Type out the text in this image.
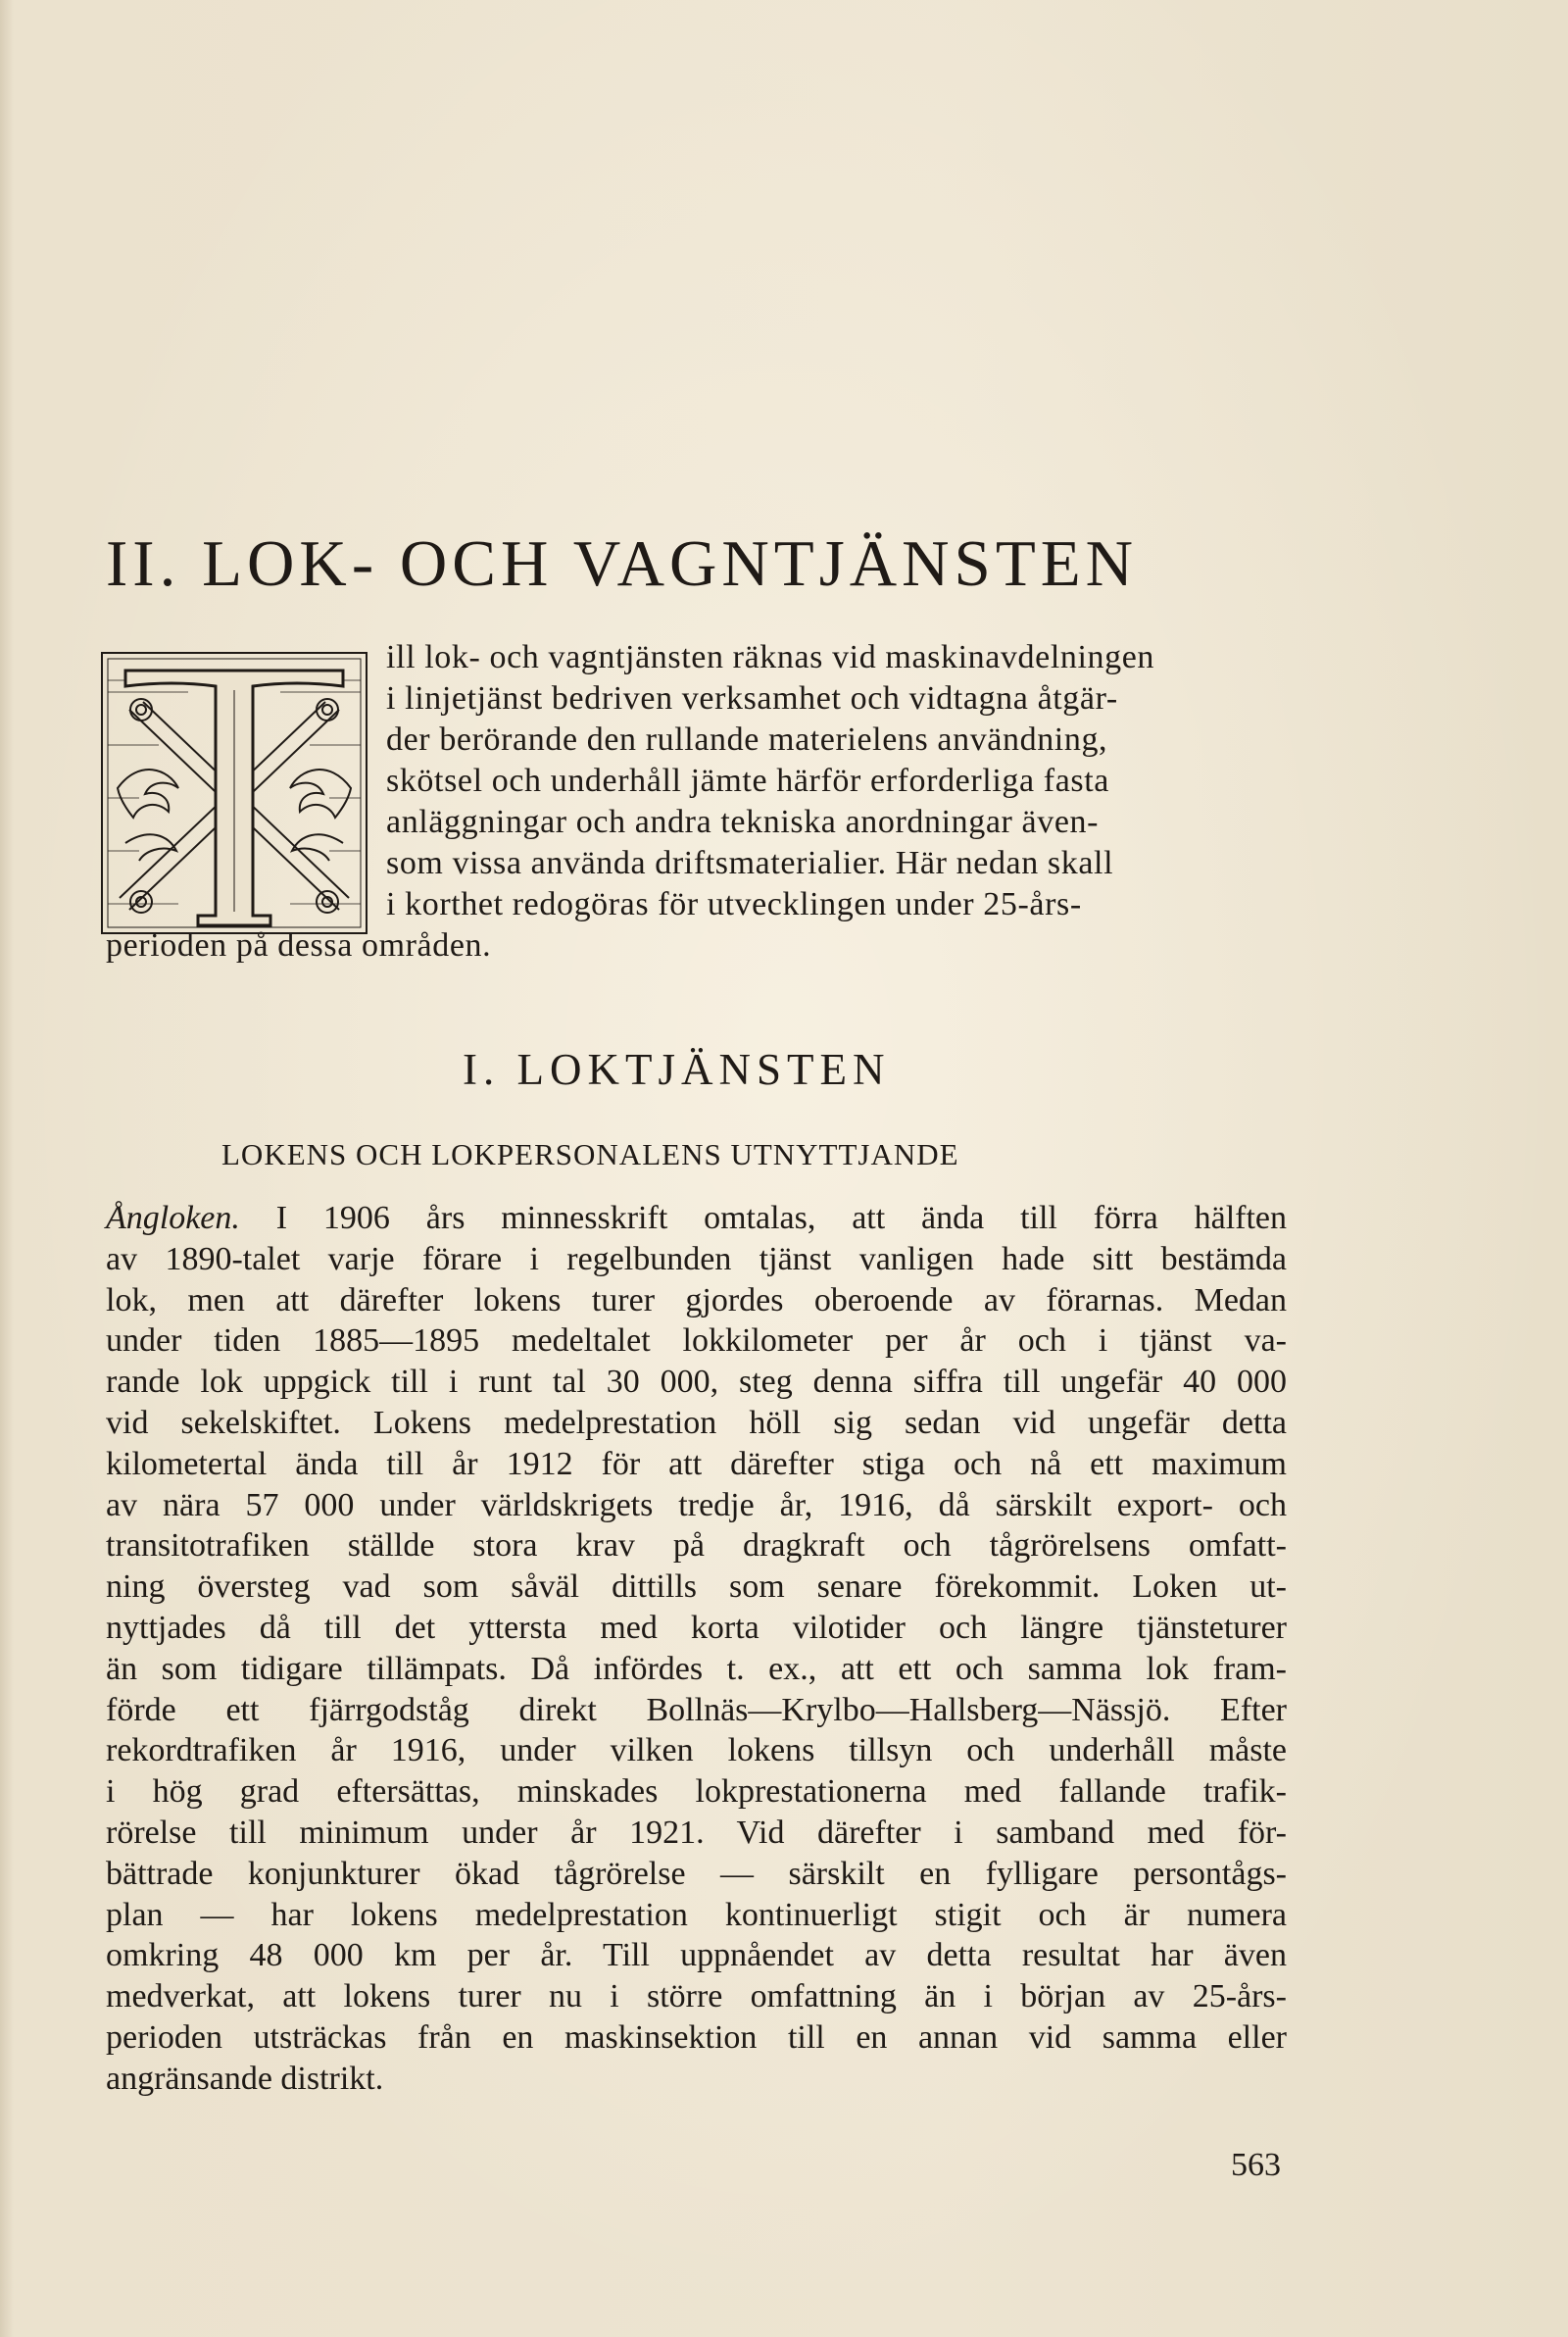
II. LOK- OCH VAGNTJÄNSTEN
ill lok- och vagntjänsten räknas vid maskinavdelningen
i linjetjänst bedriven verksamhet och vidtagna åtgär-
der berörande den rullande materielens användning,
skötsel och underhåll jämte härför erforderliga fasta
anläggningar och andra tekniska anordningar även-
som vissa använda driftsmaterialier. Här nedan skall
i korthet redogöras för utvecklingen under 25-års-
perioden på dessa områden.
I. LOKTJÄNSTEN
LOKENS OCH LOKPERSONALENS UTNYTTJANDE
Ångloken. I 1906 års minnesskrift omtalas, att ända till förra hälften
av 1890-talet varje förare i regelbunden tjänst vanligen hade sitt bestämda
lok, men att därefter lokens turer gjordes oberoende av förarnas. Medan
under tiden 1885—1895 medeltalet lokkilometer per år och i tjänst va-
rande lok uppgick till i runt tal 30 000, steg denna siffra till ungefär 40 000
vid sekelskiftet. Lokens medelprestation höll sig sedan vid ungefär detta
kilometertal ända till år 1912 för att därefter stiga och nå ett maximum
av nära 57 000 under världskrigets tredje år, 1916, då särskilt export- och
transitotrafiken ställde stora krav på dragkraft och tågrörelsens omfatt-
ning översteg vad som såväl dittills som senare förekommit. Loken ut-
nyttjades då till det yttersta med korta vilotider och längre tjänsteturer
än som tidigare tillämpats. Då infördes t. ex., att ett och samma lok fram-
förde ett fjärrgodståg direkt Bollnäs—Krylbo—Hallsberg—Nässjö. Efter
rekordtrafiken år 1916, under vilken lokens tillsyn och underhåll måste
i hög grad eftersättas, minskades lokprestationerna med fallande trafik-
rörelse till minimum under år 1921. Vid därefter i samband med för-
bättrade konjunkturer ökad tågrörelse — särskilt en fylligare persontågs-
plan — har lokens medelprestation kontinuerligt stigit och är numera
omkring 48 000 km per år. Till uppnåendet av detta resultat har även
medverkat, att lokens turer nu i större omfattning än i början av 25-års-
perioden utsträckas från en maskinsektion till en annan vid samma eller
angränsande distrikt.
563
